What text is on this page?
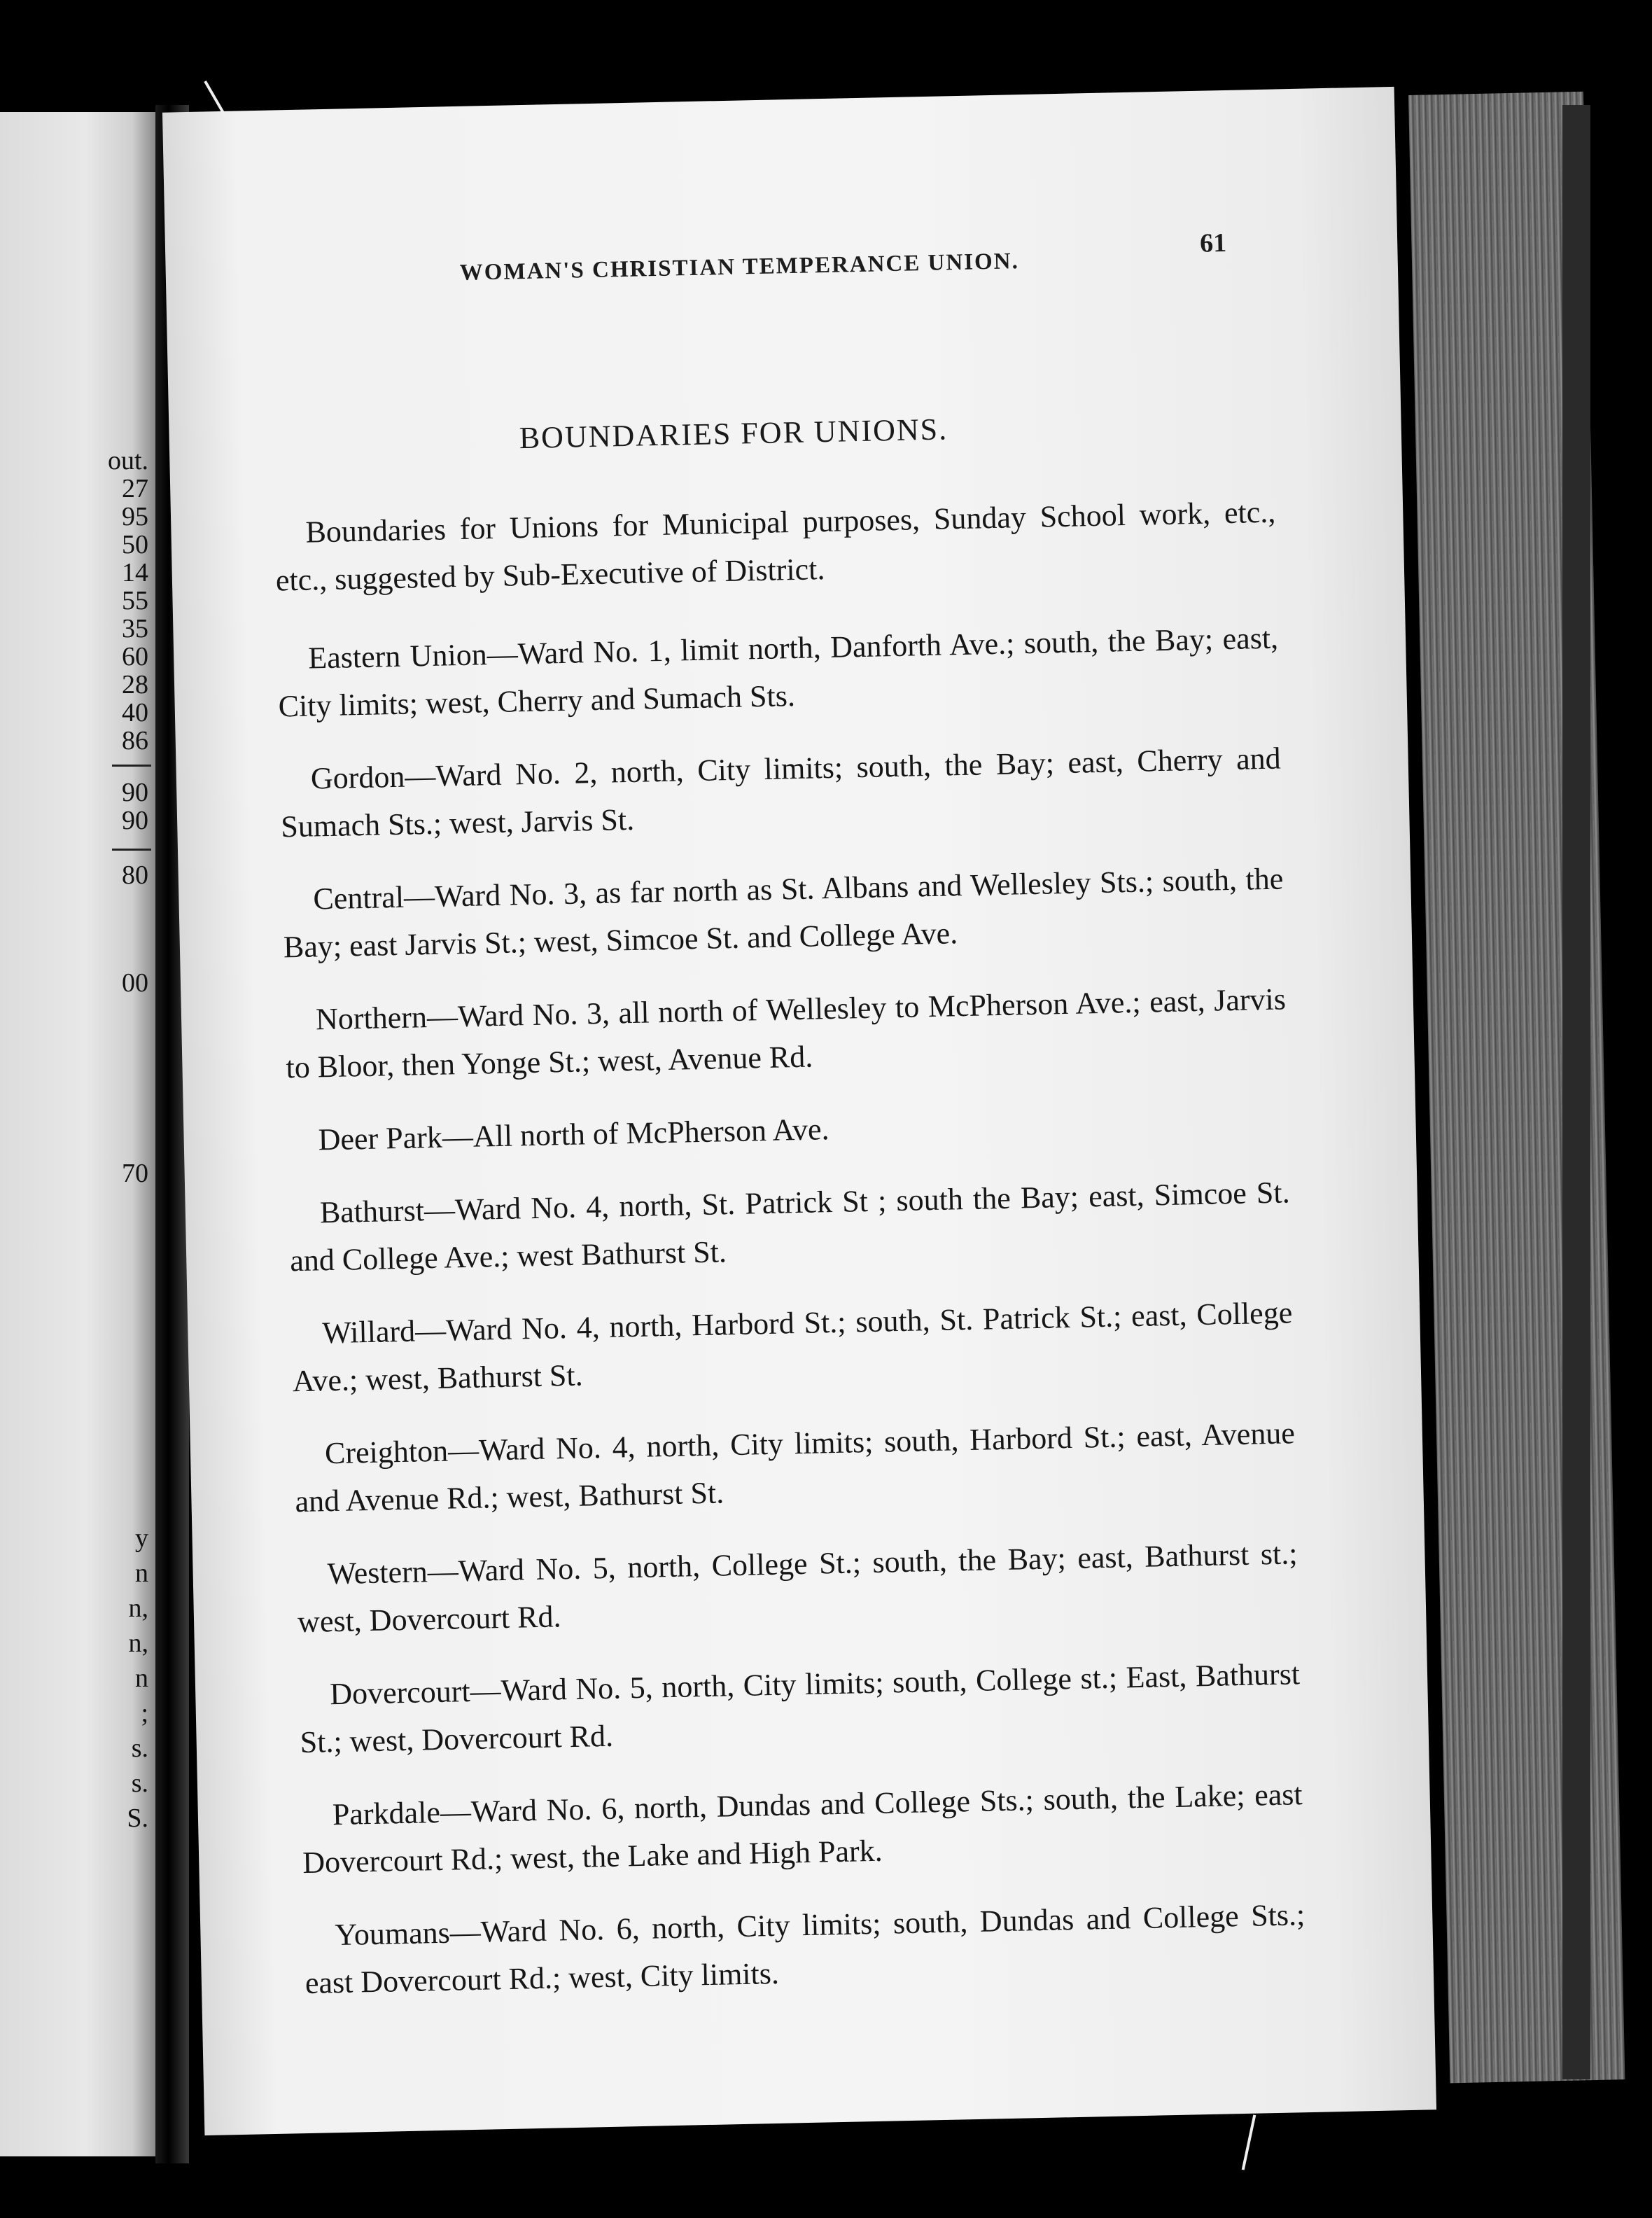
out.
27
95
50
14
55
35
60
28
40
86
90
90
80
00
70
y
n
n,
n,
n
;
s.
s.
S.
WOMAN'S CHRISTIAN TEMPERANCE UNION.
61
BOUNDARIES FOR UNIONS.

Boundaries for Unions for Municipal purposes, Sunday School work, etc., etc., suggested by Sub-Executive of District.

Eastern Union—Ward No. 1, limit north, Danforth Ave.; south, the Bay; east, City limits; west, Cherry and Sumach Sts.

Gordon—Ward No. 2, north, City limits; south, the Bay; east, Cherry and Sumach Sts.; west, Jarvis St.

Central—Ward No. 3, as far north as St. Albans and Wellesley Sts.; south, the Bay; east Jarvis St.; west, Simcoe St. and College Ave.

Northern—Ward No. 3, all north of Wellesley to McPherson Ave.; east, Jarvis to Bloor, then Yonge St.; west, Avenue Rd.

Deer Park—All north of McPherson Ave.

Bathurst—Ward No. 4, north, St. Patrick St ; south the Bay; east, Simcoe St. and College Ave.; west Bathurst St.

Willard—Ward No. 4, north, Harbord St.; south, St. Patrick St.; east, College Ave.; west, Bathurst St.

Creighton—Ward No. 4, north, City limits; south, Harbord St.; east, Avenue and Avenue Rd.; west, Bathurst St.

Western—Ward No. 5, north, College St.; south, the Bay; east, Bathurst st.; west, Dovercourt Rd.

Dovercourt—Ward No. 5, north, City limits; south, College st.; East, Bathurst St.; west, Dovercourt Rd.

Parkdale—Ward No. 6, north, Dundas and College Sts.; south, the Lake; east Dovercourt Rd.; west, the Lake and High Park.

Youmans—Ward No. 6, north, City limits; south, Dundas and College Sts.; east Dovercourt Rd.; west, City limits.
